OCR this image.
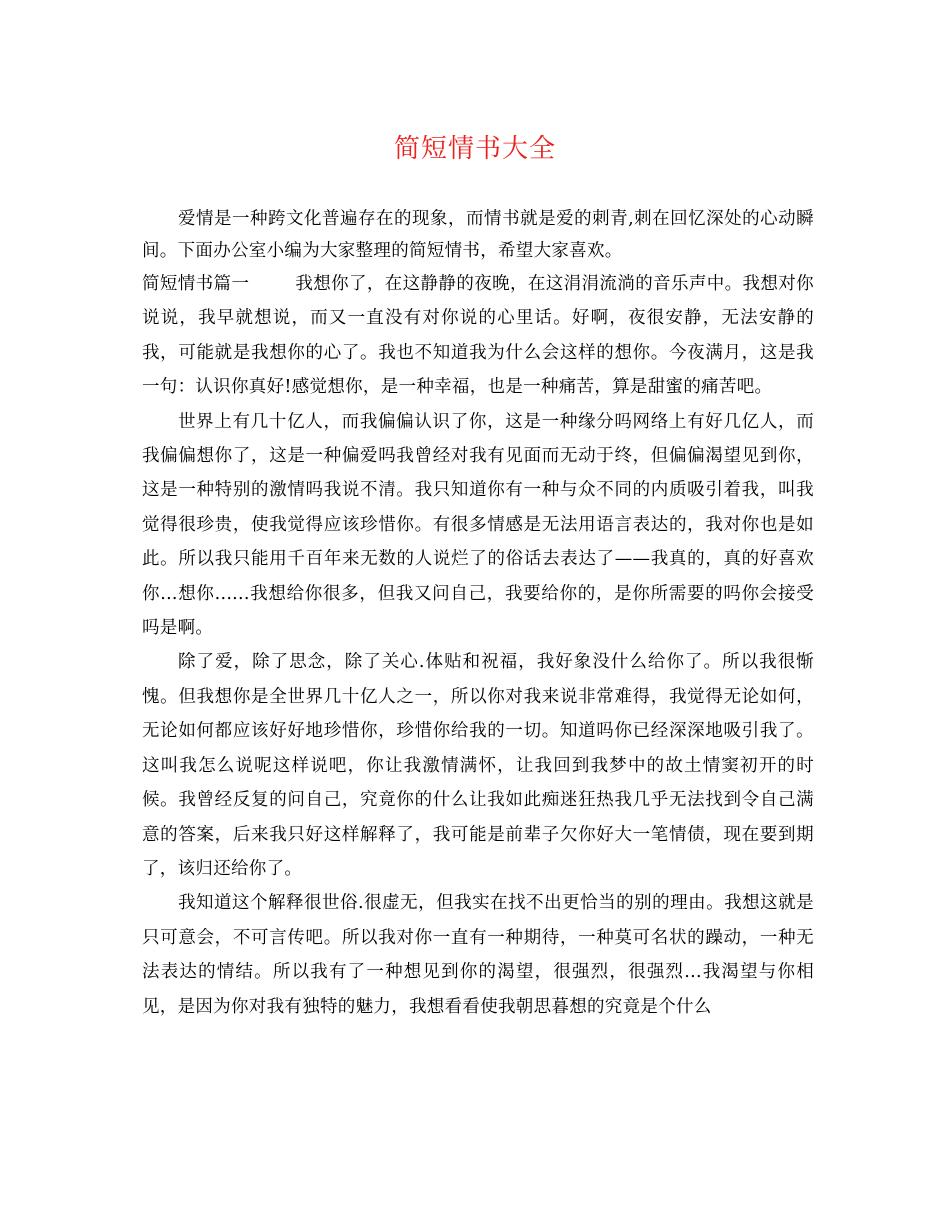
简短情书大全

爱情是一种跨文化普遍存在的现象，而情书就是爱的刺青,刺在回忆深处的心动瞬间。下面办公室小编为大家整理的简短情书，希望大家喜欢。

简短情书篇一	我想你了，在这静静的夜晚，在这涓涓流淌的音乐声中。我想对你说说，我早就想说，而又一直没有对你说的心里话。好啊，夜很安静，无法安静的我，可能就是我想你的心了。我也不知道我为什么会这样的想你。今夜满月，这是我一句：认识你真好!感觉想你，是一种幸福，也是一种痛苦，算是甜蜜的痛苦吧。

世界上有几十亿人，而我偏偏认识了你，这是一种缘分吗网络上有好几亿人，而我偏偏想你了，这是一种偏爱吗我曾经对我有见面而无动于终，但偏偏渴望见到你，这是一种特别的激情吗我说不清。我只知道你有一种与众不同的内质吸引着我，叫我觉得很珍贵，使我觉得应该珍惜你。有很多情感是无法用语言表达的，我对你也是如此。所以我只能用千百年来无数的人说烂了的俗话去表达了——我真的，真的好喜欢你...想你......我想给你很多，但我又问自己，我要给你的，是你所需要的吗你会接受吗是啊。

除了爱，除了思念，除了关心.体贴和祝福，我好象没什么给你了。所以我很惭愧。但我想你是全世界几十亿人之一，所以你对我来说非常难得，我觉得无论如何，无论如何都应该好好地珍惜你，珍惜你给我的一切。知道吗你已经深深地吸引我了。这叫我怎么说呢这样说吧，你让我激情满怀，让我回到我梦中的故土情窦初开的时候。我曾经反复的问自己，究竟你的什么让我如此痴迷狂热我几乎无法找到令自己满意的答案，后来我只好这样解释了，我可能是前辈子欠你好大一笔情债，现在要到期了，该归还给你了。

我知道这个解释很世俗.很虚无，但我实在找不出更恰当的别的理由。我想这就是只可意会，不可言传吧。所以我对你一直有一种期待，一种莫可名状的躁动，一种无法表达的情结。所以我有了一种想见到你的渴望，很强烈，很强烈...我渴望与你相见，是因为你对我有独特的魅力，我想看看使我朝思暮想的究竟是个什么
